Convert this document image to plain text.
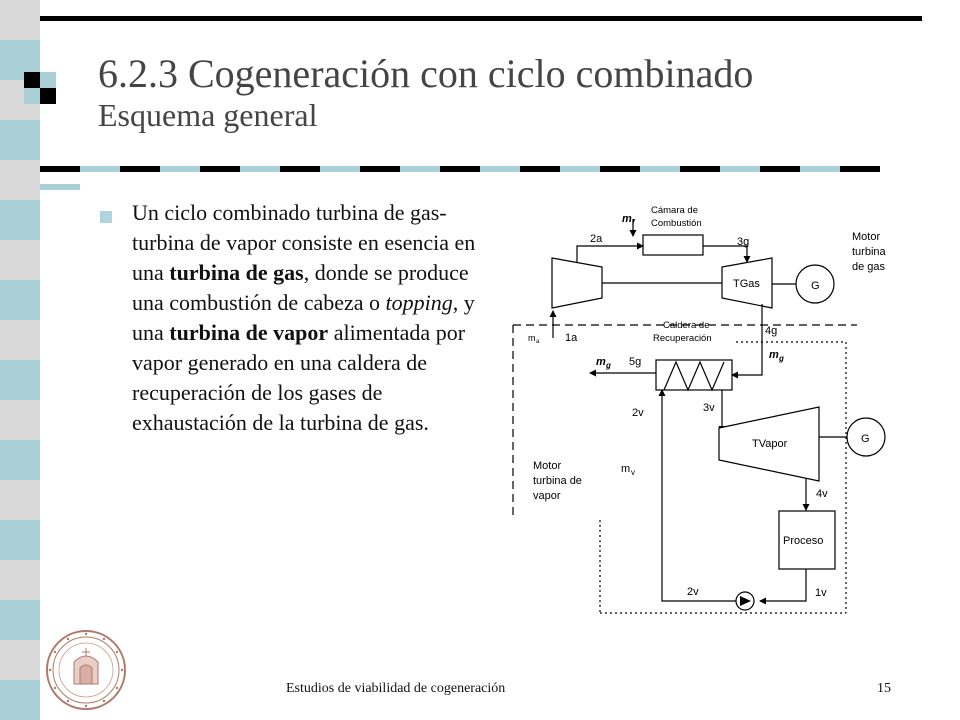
6.2.3 Cogeneración con ciclo combinado
Esquema general
Un ciclo combinado turbina de gas-turbina de vapor consiste en esencia en una turbina de gas, donde se produce una combustión de cabeza o topping, y una turbina de vapor alimentada por vapor generado en una caldera de recuperación de los gases de exhaustación de la turbina de gas.
Cámara de
Combustión
m f
2a	3g	Motor
turbina
de gas
TGas	G
m a 1a
Caldera de
Recuperación
4g
m g 5g
m g
2v	3v
TVapor	G
Motor
turbina de
vapor
m v
4v
Proceso
2v	1v
Estudios de viabilidad de cogeneración	15
